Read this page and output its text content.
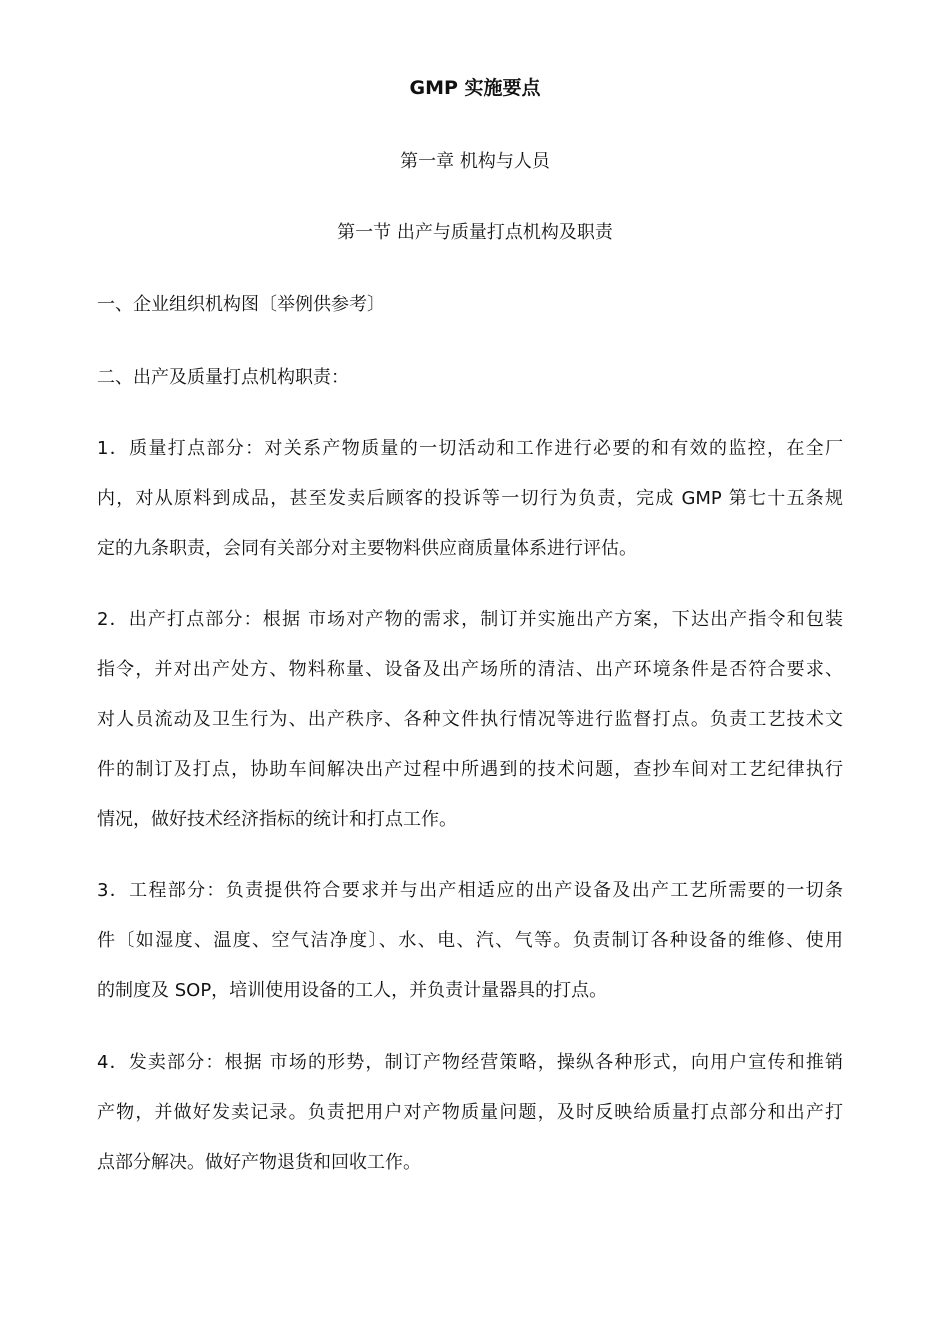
GMP 实施要点
第一章 机构与人员
第一节 出产与质量打点机构及职责
一、企业组织机构图〔举例供参考〕
二、出产及质量打点机构职责：
1．质量打点部分：对关系产物质量的一切活动和工作进行必要的和有效的监控，在全厂
内，对从原料到成品，甚至发卖后顾客的投诉等一切行为负责，完成 GMP 第七十五条规
定的九条职责，会同有关部分对主要物料供应商质量体系进行评估。
2．出产打点部分：根据 市场对产物的需求，制订并实施出产方案，下达出产指令和包装
指令，并对出产处方、物料称量、设备及出产场所的清洁、出产环境条件是否符合要求、
对人员流动及卫生行为、出产秩序、各种文件执行情况等进行监督打点。负责工艺技术文
件的制订及打点，协助车间解决出产过程中所遇到的技术问题，查抄车间对工艺纪律执行
情况，做好技术经济指标的统计和打点工作。
3．工程部分：负责提供符合要求并与出产相适应的出产设备及出产工艺所需要的一切条
件〔如湿度、温度、空气洁净度〕、水、电、汽、气等。负责制订各种设备的维修、使用
的制度及 SOP，培训使用设备的工人，并负责计量器具的打点。
4．发卖部分：根据 市场的形势，制订产物经营策略，操纵各种形式，向用户宣传和推销
产物，并做好发卖记录。负责把用户对产物质量问题，及时反映给质量打点部分和出产打
点部分解决。做好产物退货和回收工作。
